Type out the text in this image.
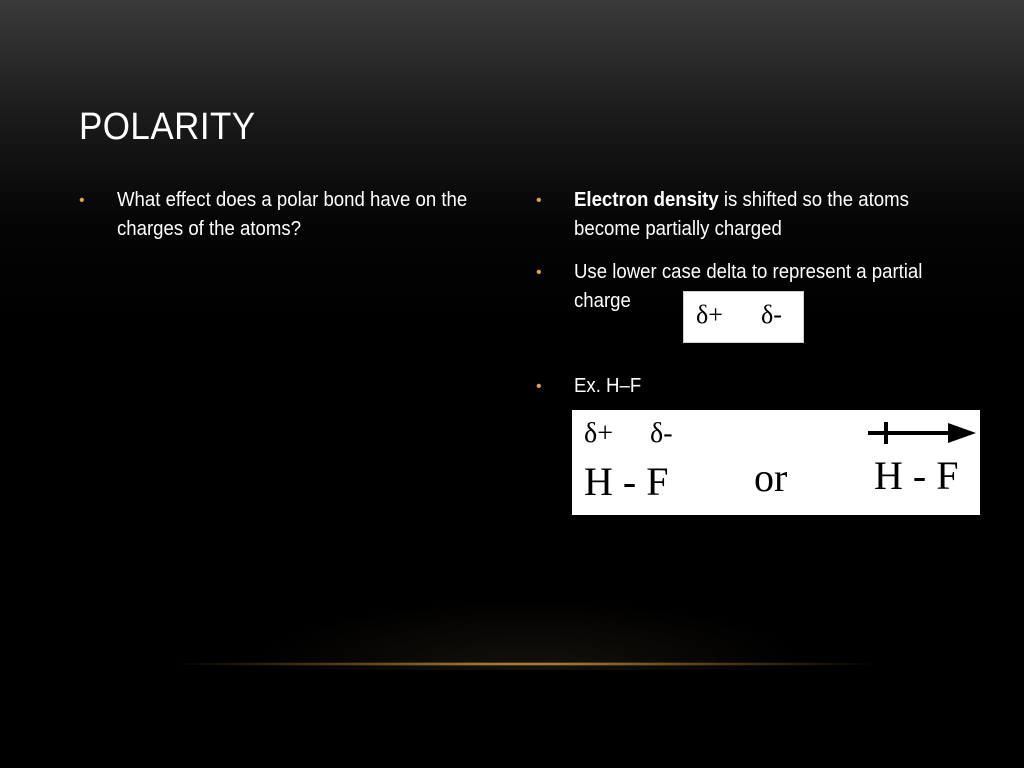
POLARITY
• What effect does a polar bond have on the charges of the atoms?
• Electron density is shifted so the atoms become partially charged
• Use lower case delta to represent a partial charge
• Ex. H–F
δ+ δ-
δ+ δ-
H - F or H - F
